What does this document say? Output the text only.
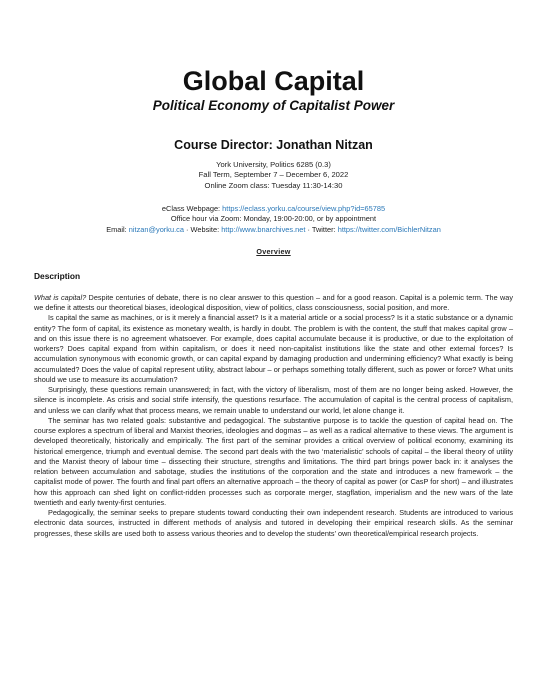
Global Capital
Political Economy of Capitalist Power
Course Director: Jonathan Nitzan
York University, Politics 6285 (0.3)
Fall Term, September 7 – December 6, 2022
Online Zoom class: Tuesday 11:30-14:30
eClass Webpage: https://eclass.yorku.ca/course/view.php?id=65785
Office hour via Zoom: Monday, 19:00-20:00, or by appointment
Email: nitzan@yorku.ca · Website: http://www.bnarchives.net · Twitter: https://twitter.com/BichlerNitzan
Overview
Description

What is capital? Despite centuries of debate, there is no clear answer to this question – and for a good reason. Capital is a polemic term. The way we define it attests our theoretical biases, ideological disposition, view of politics, class consciousness, social position, and more.

Is capital the same as machines, or is it merely a financial asset? Is it a material article or a social process? Is it a static substance or a dynamic entity? The form of capital, its existence as monetary wealth, is hardly in doubt. The problem is with the content, the stuff that makes capital grow – and on this issue there is no agreement whatsoever. For example, does capital accumulate because it is productive, or due to the exploitation of workers? Does capital expand from within capitalism, or does it need non-capitalist institutions like the state and other external forces? Is accumulation synonymous with economic growth, or can capital expand by damaging production and undermining efficiency? What exactly is being accumulated? Does the value of capital represent utility, abstract labour – or perhaps something totally different, such as power or force? What units should we use to measure its accumulation?

Surprisingly, these questions remain unanswered; in fact, with the victory of liberalism, most of them are no longer being asked. However, the silence is incomplete. As crisis and social strife intensify, the questions resurface. The accumulation of capital is the central process of capitalism, and unless we can clarify what that process means, we remain unable to understand our world, let alone change it.

The seminar has two related goals: substantive and pedagogical. The substantive purpose is to tackle the question of capital head on. The course explores a spectrum of liberal and Marxist theories, ideologies and dogmas – as well as a radical alternative to these views. The argument is developed theoretically, historically and empirically. The first part of the seminar provides a critical overview of political economy, examining its historical emergence, triumph and eventual demise. The second part deals with the two ‘materialistic’ schools of capital – the liberal theory of utility and the Marxist theory of labour time – dissecting their structure, strengths and limitations. The third part brings power back in: it analyses the relation between accumulation and sabotage, studies the institutions of the corporation and the state and introduces a new framework – the capitalist mode of power. The fourth and final part offers an alternative approach – the theory of capital as power (or CasP for short) – and illustrates how this approach can shed light on conflict-ridden processes such as corporate merger, stagflation, imperialism and the new wars of the late twentieth and early twenty-first centuries.

Pedagogically, the seminar seeks to prepare students toward conducting their own independent research. Students are introduced to various electronic data sources, instructed in different methods of analysis and tutored in developing their empirical research skills. As the seminar progresses, these skills are used both to assess various theories and to develop the students’ own theoretical/empirical research projects.
